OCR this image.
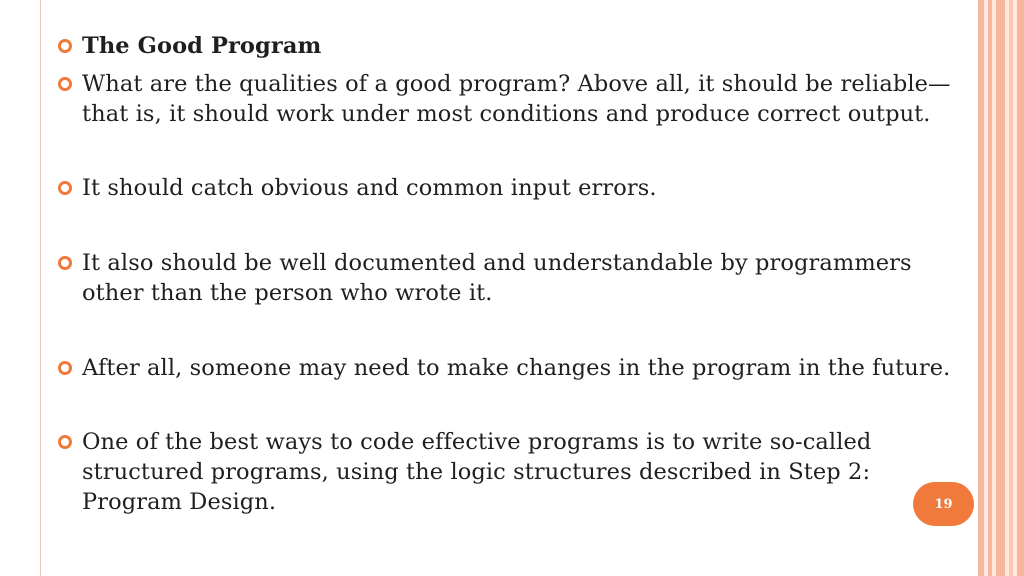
The Good Program
What are the qualities of a good program? Above all, it should be reliable—that is, it should work under most conditions and produce correct output.
It should catch obvious and common input errors.
It also should be well documented and understandable by programmers other than the person who wrote it.
After all, someone may need to make changes in the program in the future.
One of the best ways to code effective programs is to write so-called structured programs, using the logic structures described in Step 2: Program Design.	19
